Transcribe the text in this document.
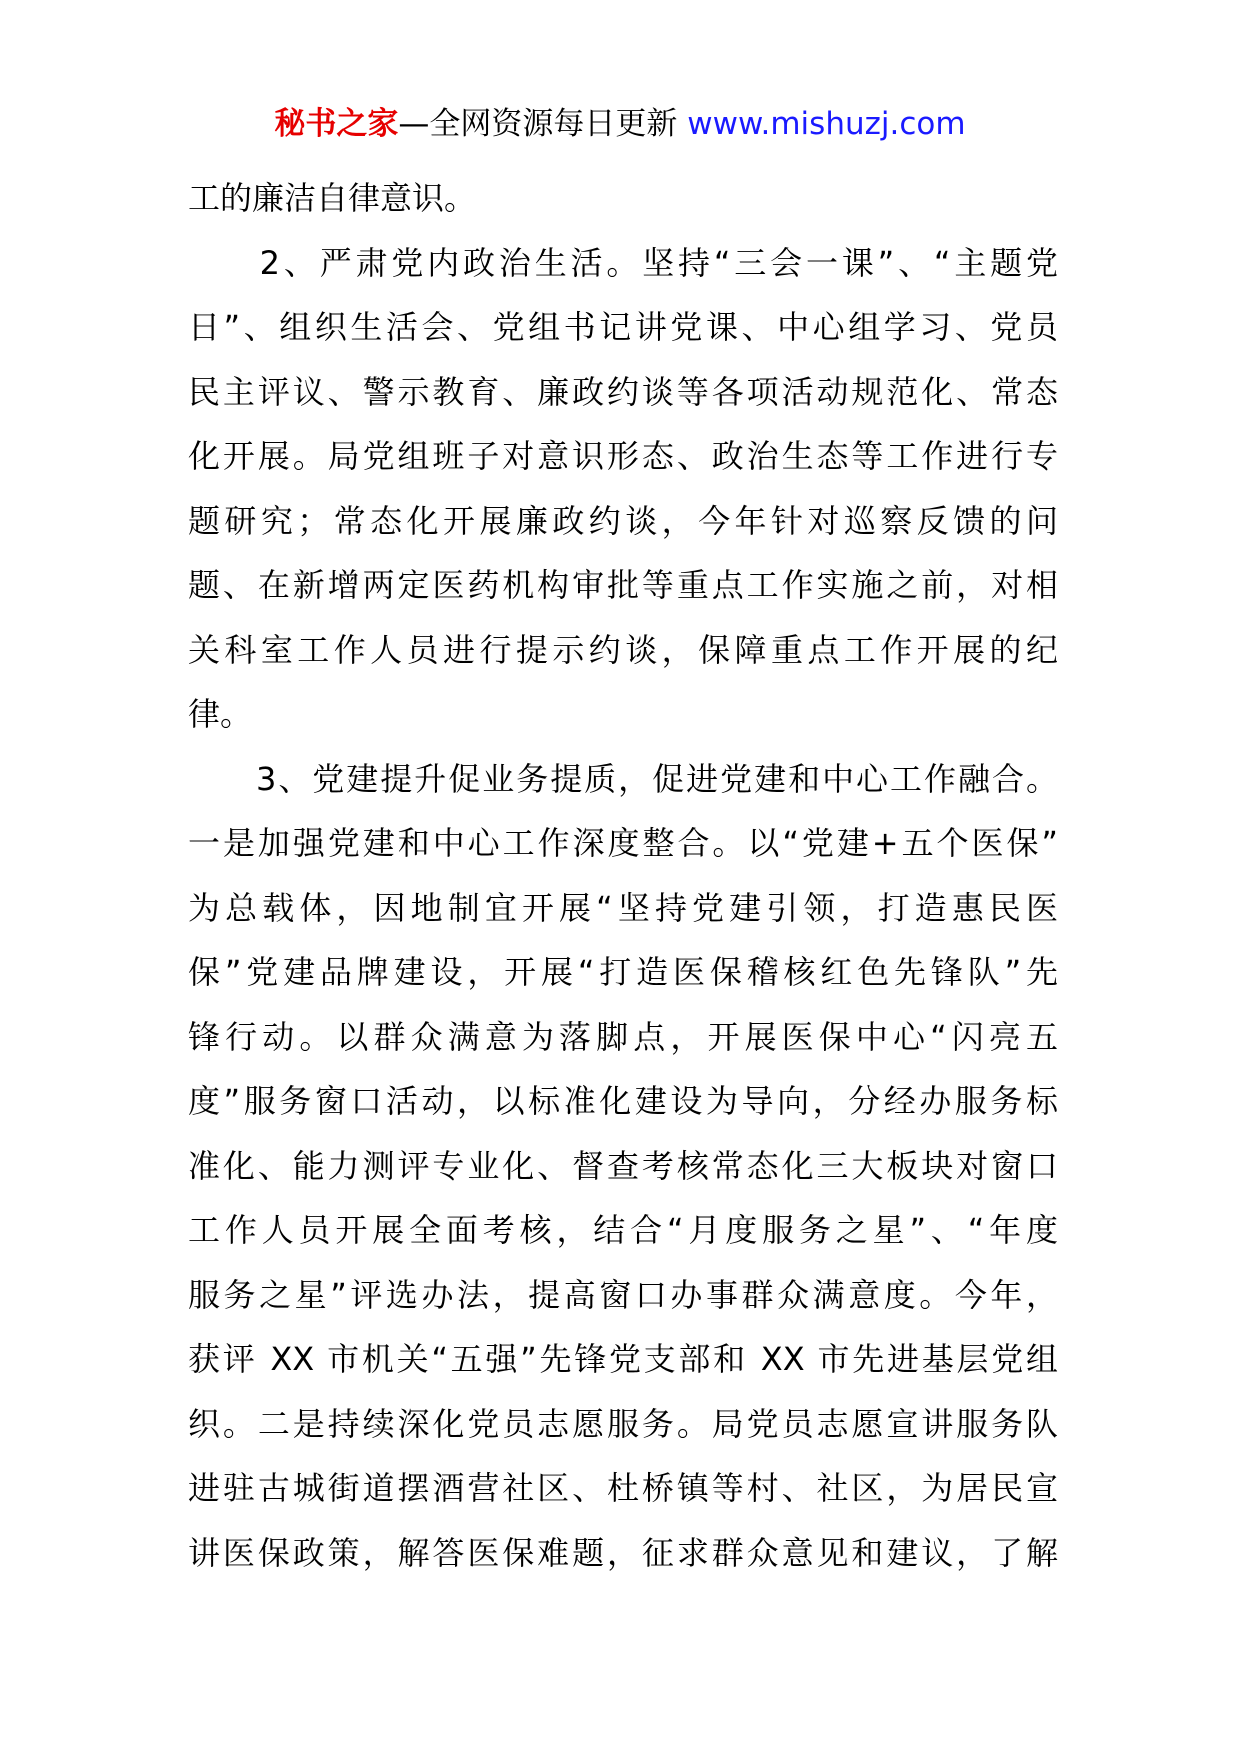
秘书之家—全网资源每日更新 www.mishuzj.com
工的廉洁自律意识。
　　2、严肃党内政治生活。坚持“三会一课”、“主题党
日”、组织生活会、党组书记讲党课、中心组学习、党员
民主评议、警示教育、廉政约谈等各项活动规范化、常态
化开展。局党组班子对意识形态、政治生态等工作进行专
题研究；常态化开展廉政约谈，今年针对巡察反馈的问
题、在新增两定医药机构审批等重点工作实施之前，对相
关科室工作人员进行提示约谈，保障重点工作开展的纪
律。
　　3、党建提升促业务提质，促进党建和中心工作融合。
一是加强党建和中心工作深度整合。以“党建+五个医保”
为总载体，因地制宜开展“坚持党建引领，打造惠民医
保”党建品牌建设，开展“打造医保稽核红色先锋队”先
锋行动。以群众满意为落脚点，开展医保中心“闪亮五
度”服务窗口活动，以标准化建设为导向，分经办服务标
准化、能力测评专业化、督查考核常态化三大板块对窗口
工作人员开展全面考核，结合“月度服务之星”、“年度
服务之星”评选办法，提高窗口办事群众满意度。今年，
获评 XX 市机关“五强”先锋党支部和 XX 市先进基层党组
织。二是持续深化党员志愿服务。局党员志愿宣讲服务队
进驻古城街道摆酒营社区、杜桥镇等村、社区，为居民宣
讲医保政策，解答医保难题，征求群众意见和建议，了解
